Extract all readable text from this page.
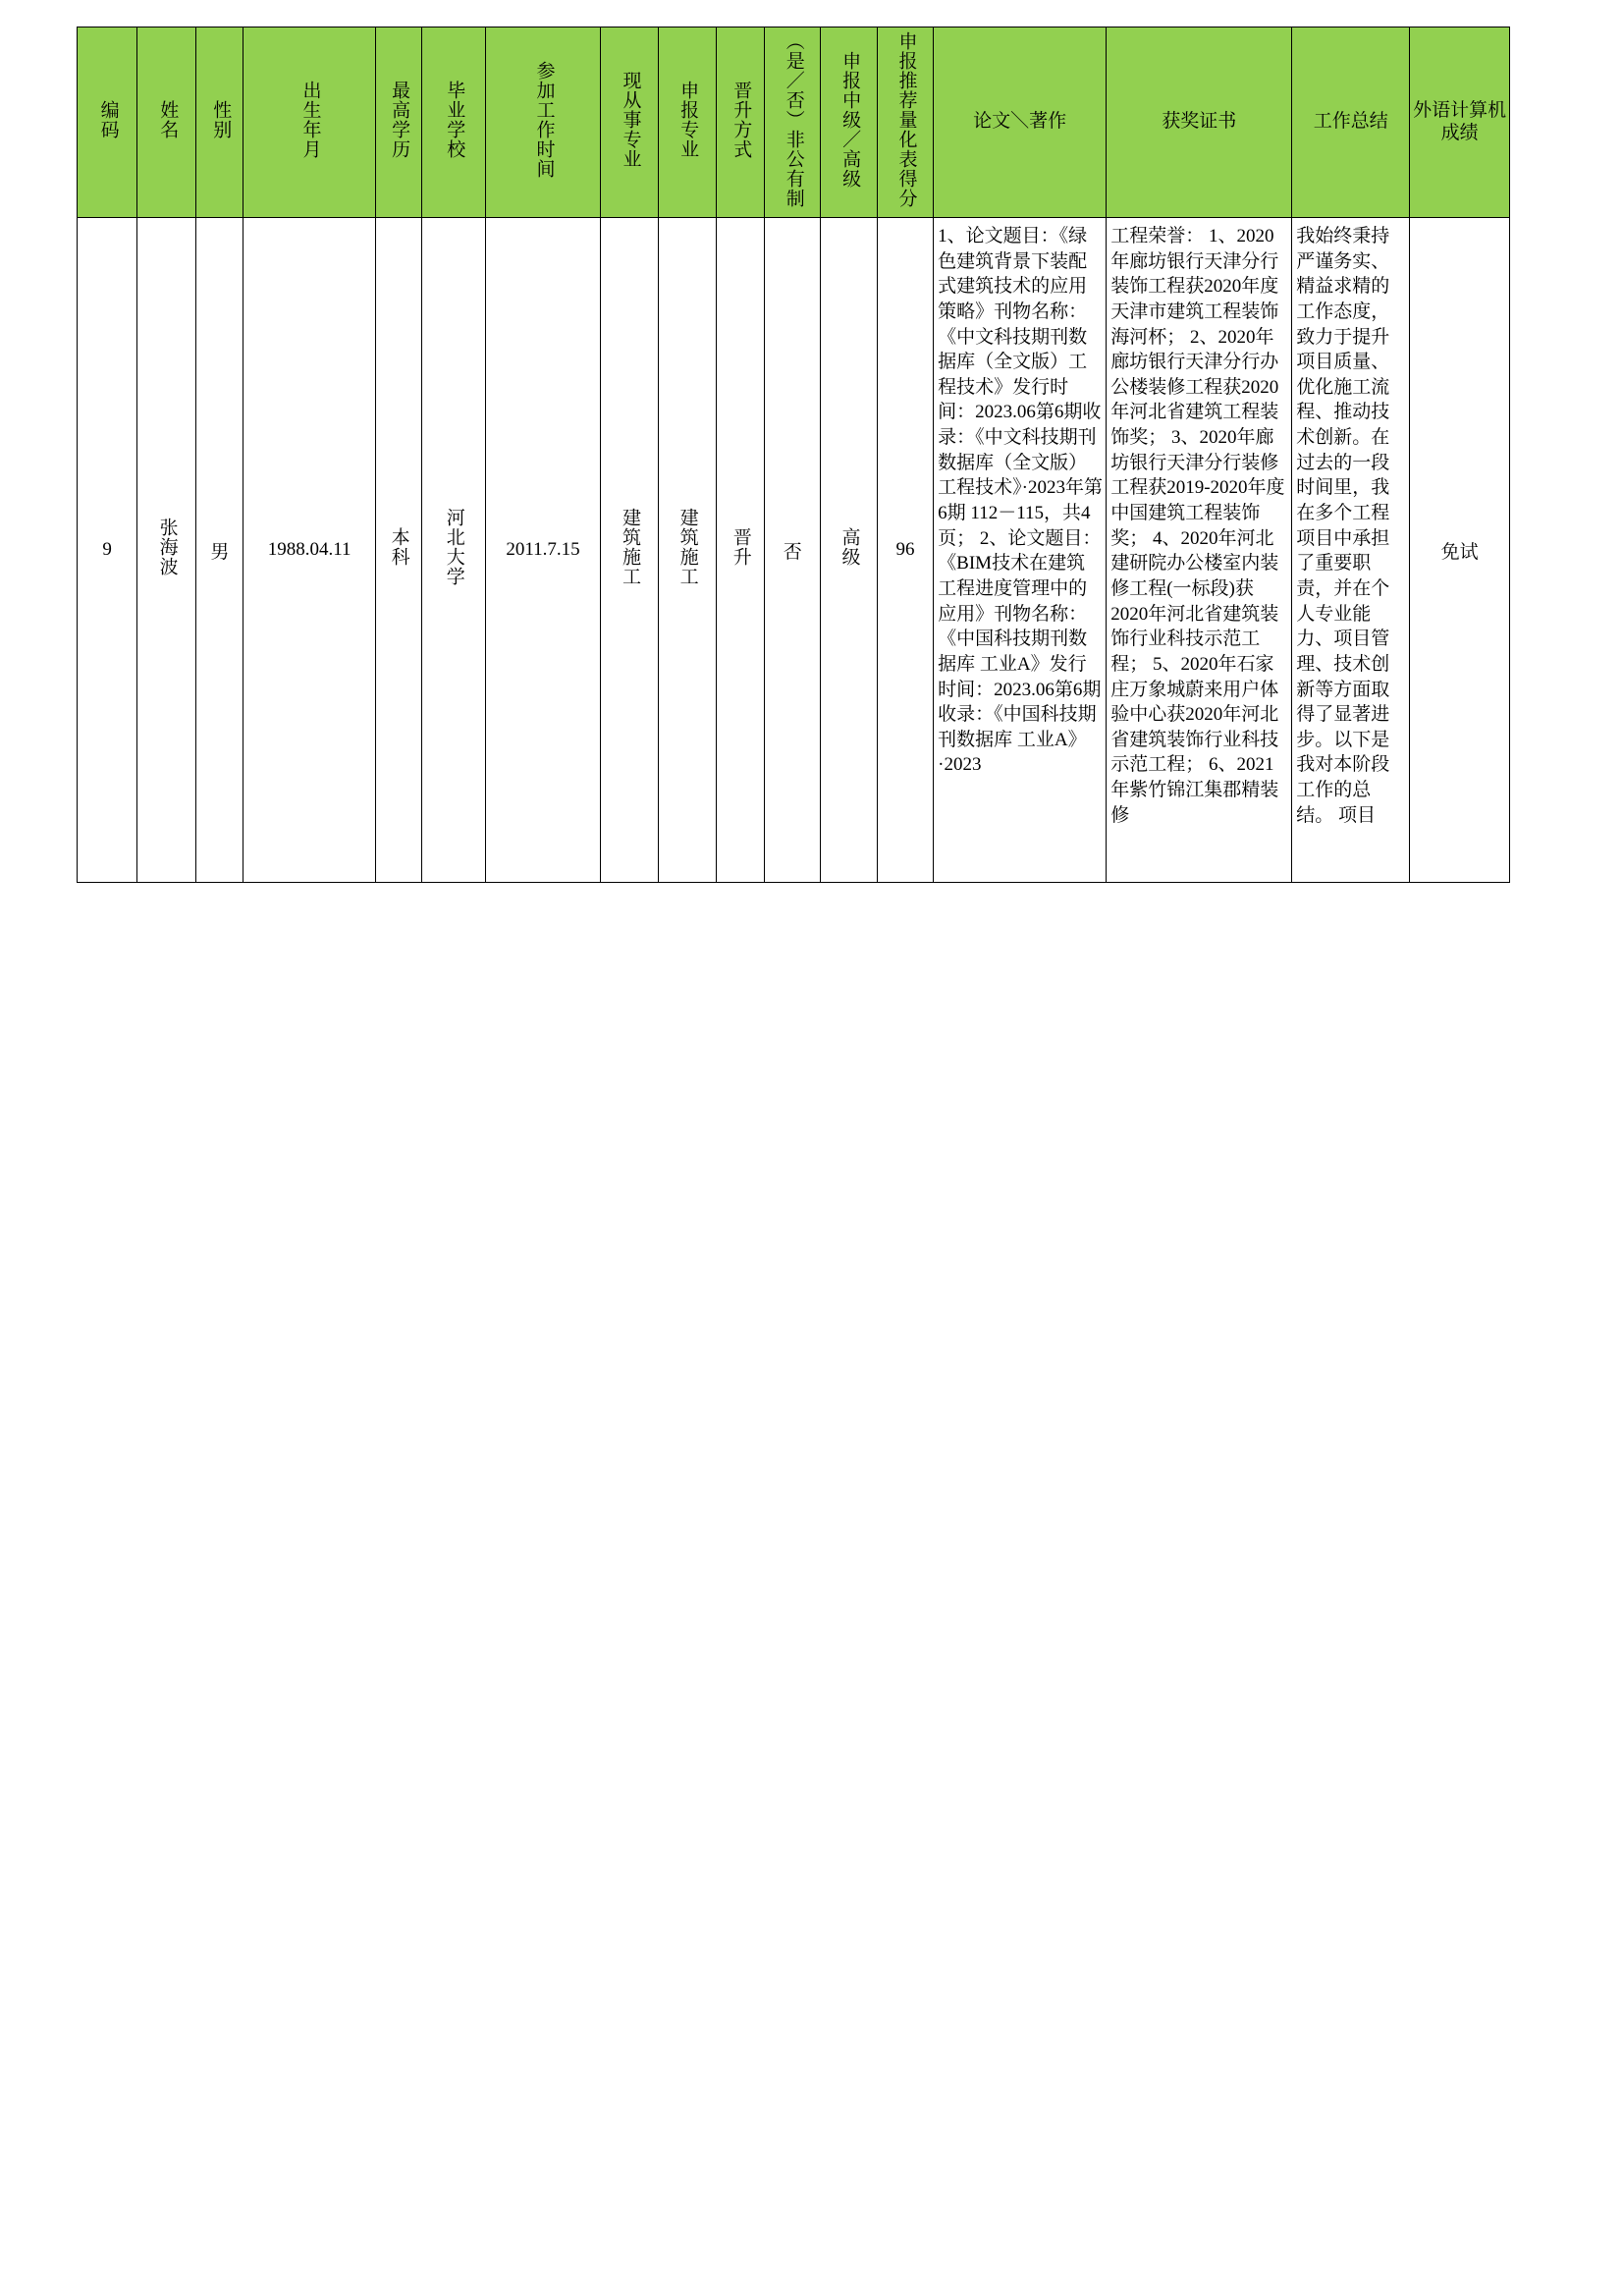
编码	姓名	性别	出生年月	最高学历	毕业学校	参加工作时间	现从事专业	申报专业	晋升方式	（是／否）非公有制	申报中级／高级	申报推荐量化表得分	论文＼著作	获奖证书	工作总结	外语计算机成绩

9	张海波	男	1988.04.11	本科	河北大学	2011.7.15	建筑施工	建筑施工	晋升	否	高级	96	1、论文题目：《绿色建筑背景下装配式建筑技术的应用策略》刊物名称：《中文科技期刊数据库（全文版）工程技术》发行时间：2023.06第6期收录：《中文科技期刊数据库（全文版）工程技术》·2023年第6期 112－115，共4页； 2、论文题目：《BIM技术在建筑工程进度管理中的应用》刊物名称：《中国科技期刊数据库 工业A》发行时间：2023.06第6期收录：《中国科技期刊数据库 工业A》·2023	工程荣誉： 1、2020年廊坊银行天津分行装饰工程获2020年度天津市建筑工程装饰海河杯； 2、2020年廊坊银行天津分行办公楼装修工程获2020年河北省建筑工程装饰奖； 3、2020年廊坊银行天津分行装修工程获2019-2020年度中国建筑工程装饰奖； 4、2020年河北建研院办公楼室内装修工程(一标段)获2020年河北省建筑装饰行业科技示范工程； 5、2020年石家庄万象城蔚来用户体验中心获2020年河北省建筑装饰行业科技示范工程； 6、2021年紫竹锦江集郡精装修	我始终秉持严谨务实、精益求精的工作态度，致力于提升项目质量、优化施工流程、推动技术创新。在过去的一段时间里，我在多个工程项目中承担了重要职责，并在个人专业能力、项目管理、技术创新等方面取得了显著进步。以下是我对本阶段工作的总结。 项目	免试
